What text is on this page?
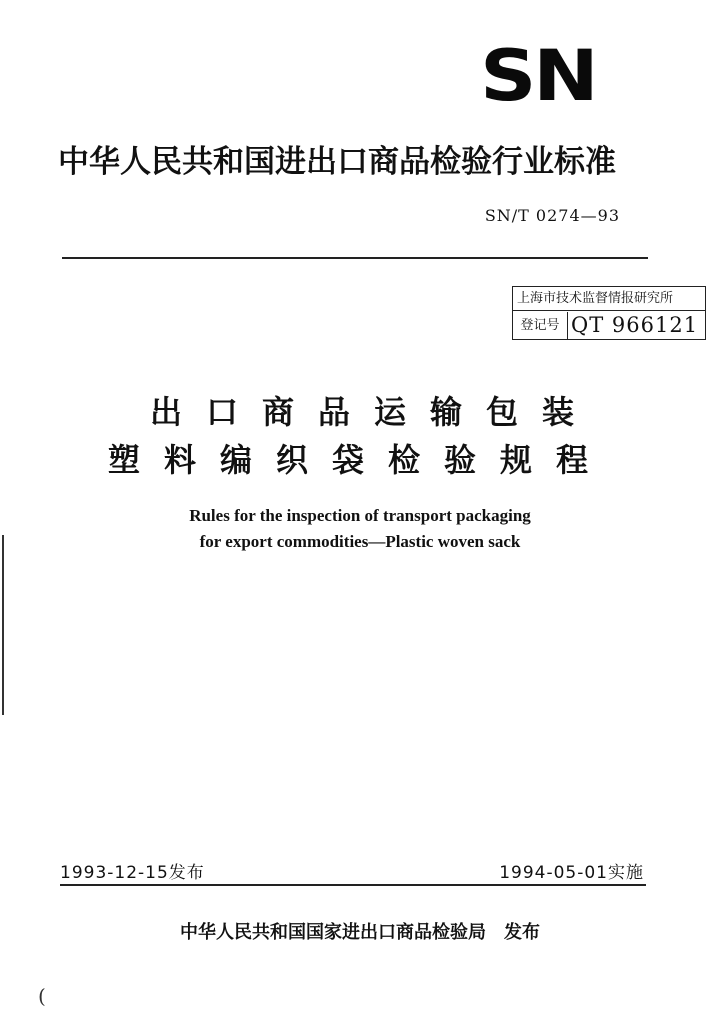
SN
中华人民共和国进出口商品检验行业标准
SN/T 0274—93
上海市技术监督情报研究所
登记号 QT 966121
出口商品运输包装
塑料编织袋检验规程
Rules for the inspection of transport packaging
for export commodities—Plastic woven sack
1993-12-15发布	1994-05-01实施
中华人民共和国国家进出口商品检验局 发布
(
